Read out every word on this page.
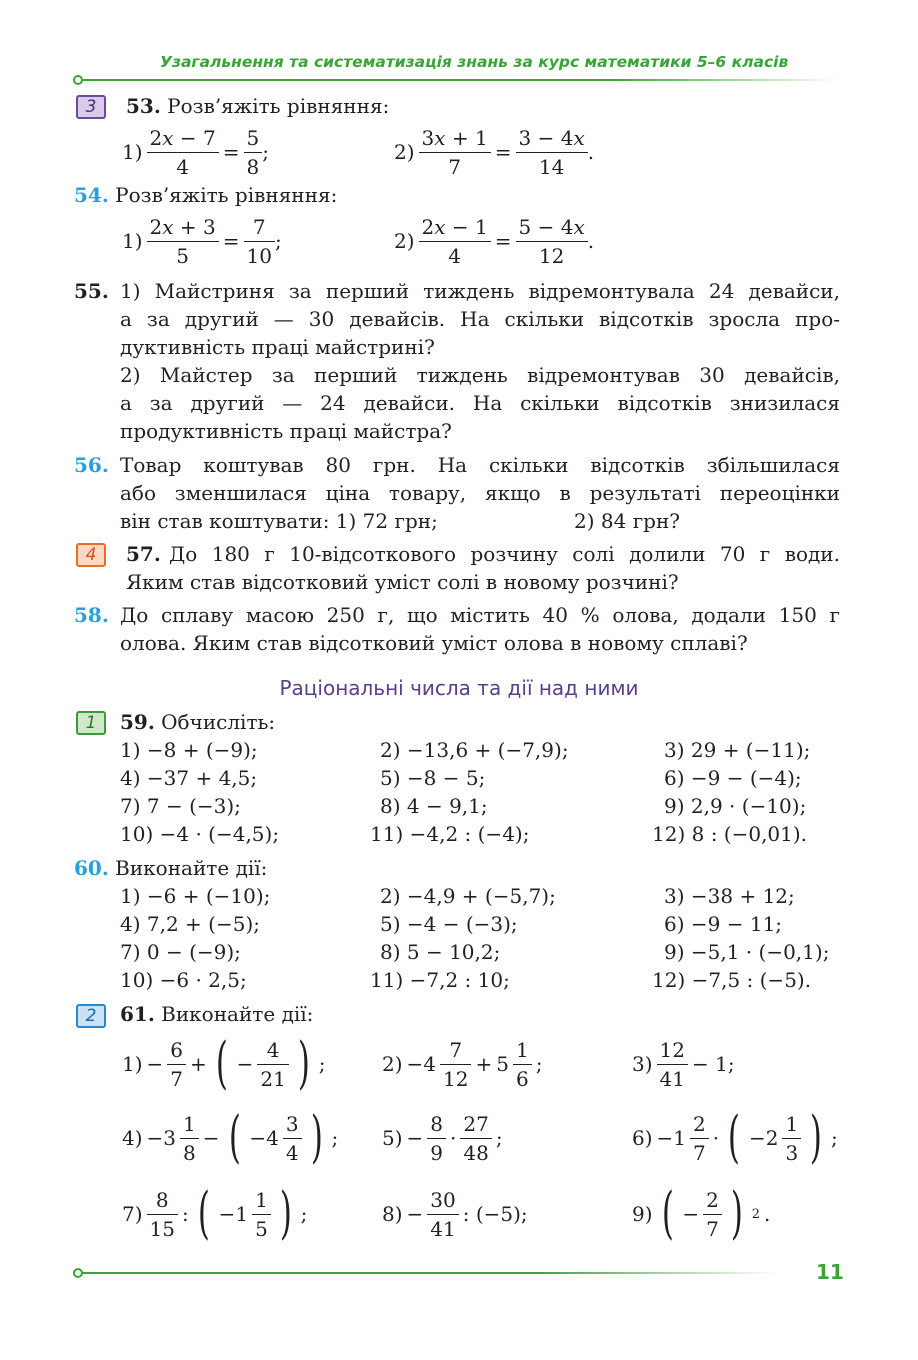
Узагальнення та систематизація знань за курс математики 5–6 класів
3	53. Розв’яжіть рівняння:
$1) \frac{2x - 7}{4} = \frac{5}{8}$ ;	$2) \frac{3x + 1}{7} = \frac{3 - 4x}{14}$ .
54. Розв’яжіть рівняння:
$1) \frac{2x + 3}{5} = \frac{7}{10}$ ;	$2) \frac{2x - 1}{4} = \frac{5 - 4x}{12}$ .
55. 1) Майстриня за перший тиждень відремонтувала 24 девайси,
а за другий — 30 девайсів. На скільки відсотків зросла про-
дуктивність праці майстрині?
2) Майстер за перший тиждень відремонтував 30 девайсів,
а за другий — 24 девайси. На скільки відсотків знизилася
продуктивність праці майстра?
56. Товар коштував 80 грн. На скільки відсотків збільшилася
або зменшилася ціна товару, якщо в результаті переоцінки
він став коштувати: 1) 72 грн;	2) 84 грн?
4	57. До 180 г 10-відсоткового розчину солі долили 70 г води.
Яким став відсотковий уміст солі в новому розчині?
58. До сплаву масою 250 г, що містить 40 % олова, додали 150 г
олова. Яким став відсотковий уміст олова в новому сплаві?
Раціональні числа та дії над ними
1	59. Обчисліть:
1) −8 + (−9);	2) −13,6 + (−7,9);	3) 29 + (−11);
4) −37 + 4,5;	5) −8 − 5;	6) −9 − (−4);
7) 7 − (−3);	8) 4 − 9,1;	9) 2,9 · (−10);
10) −4 · (−4,5);	11) −4,2 : (−4);	12) 8 : (−0,01).
60. Виконайте дії:
1) −6 + (−10);	2) −4,9 + (−5,7);	3) −38 + 12;
4) 7,2 + (−5);	5) −4 − (−3);	6) −9 − 11;
7) 0 − (−9);	8) 5 − 10,2;	9) −5,1 · (−0,1);
10) −6 · 2,5;	11) −7,2 : 10;	12) −7,5 : (−5).
2	61. Виконайте дії:
$1) - \frac{6}{7}$ + ( − $\frac{4}{21}$ ) ;	$2) -4 \frac{7}{12} + 5 \frac{1}{6}$ ;	$3) \frac{12}{41} - 1$;
$4) -3 \frac{1}{8}$ − ( $-4 \frac{3}{4}$ ) ; $5) - \frac{8}{9} \cdot \frac{27}{48}$ ;	$6) -1 \frac{2}{7}$ · ( $-2 \frac{1}{3}$ ) ;
$7) \frac{8}{15}$ : ( $-1 \frac{1}{5}$ ) ;	$8) - \frac{30}{41}$ : (−5);	9) ( − $\frac{2}{7}$ ) 2 .
11
